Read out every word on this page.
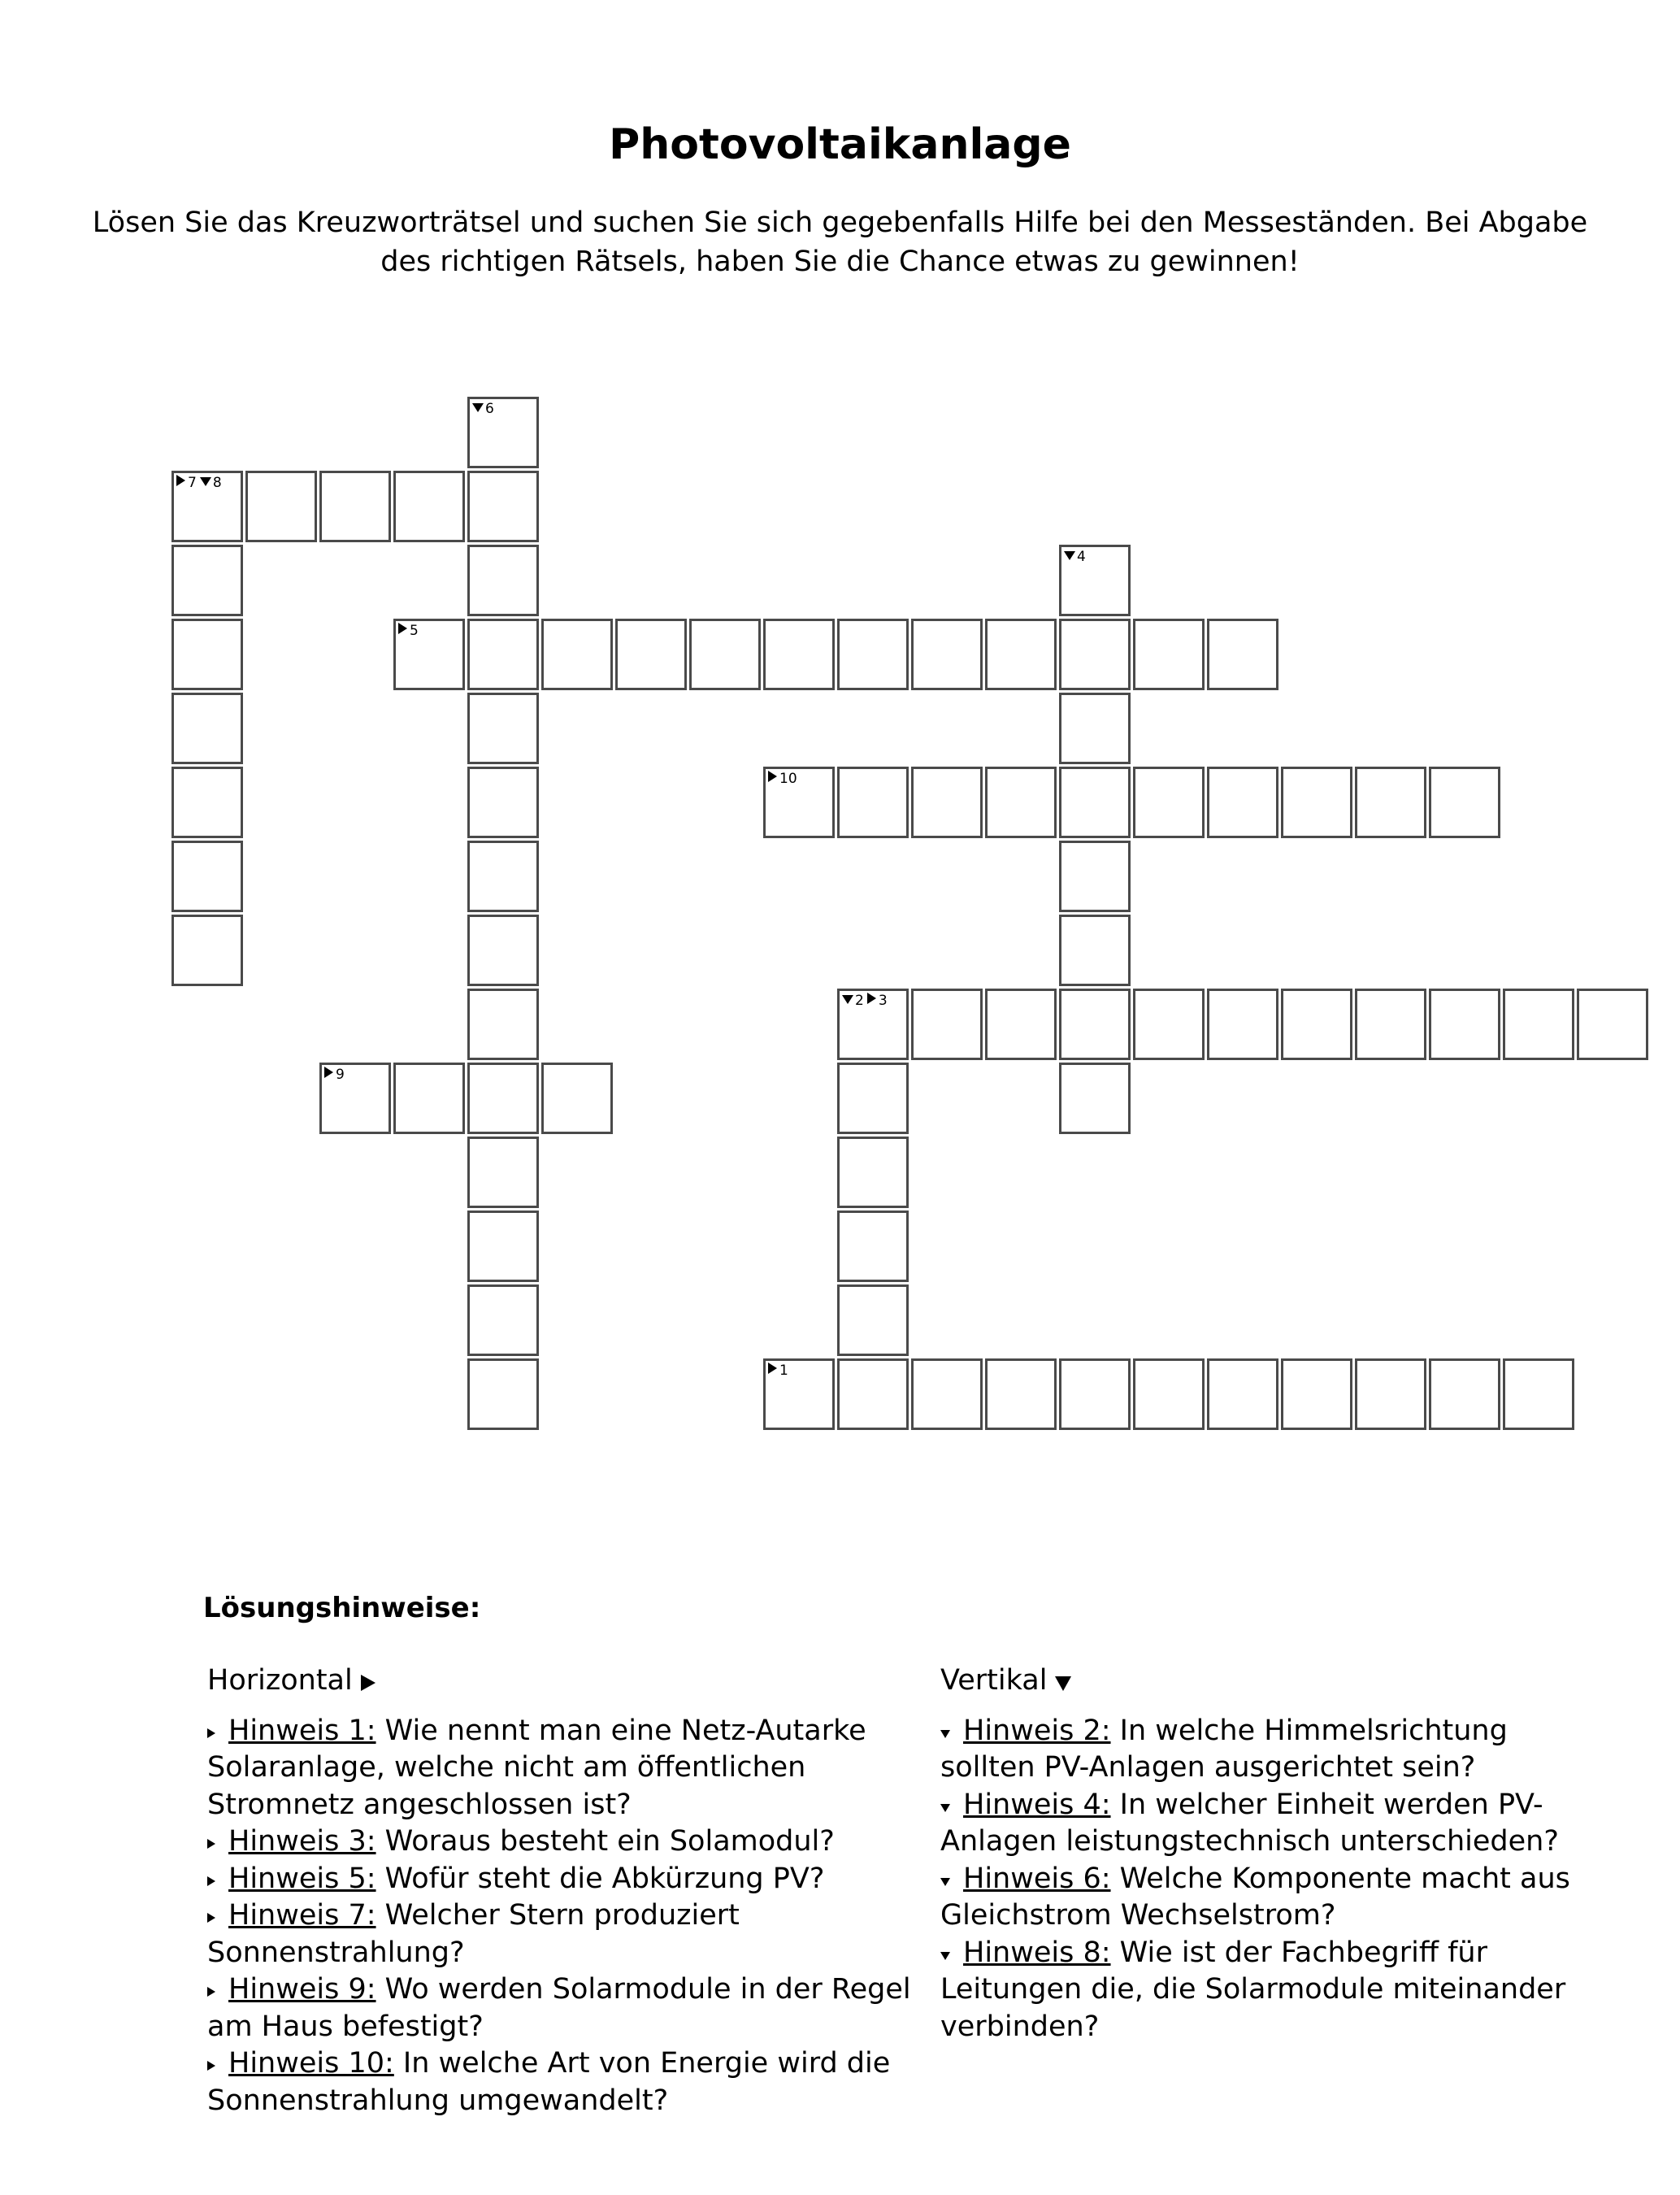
Photovoltaikanlage
Lösen Sie das Kreuzworträtsel und suchen Sie sich gegebenfalls Hilfe bei den Messeständen. Bei Abgabe des richtigen Rätsels, haben Sie die Chance etwas zu gewinnen!
1
2 3
4
5
6
7 8
9
10
Lösungshinweise:
Horizontal
Hinweis 1: Wie nennt man eine Netz-Autarke Solaranlage, welche nicht am öffentlichen Stromnetz angeschlossen ist?
Hinweis 3: Woraus besteht ein Solamodul?
Hinweis 5: Wofür steht die Abkürzung PV?
Hinweis 7: Welcher Stern produziert Sonnenstrahlung?
Hinweis 9: Wo werden Solarmodule in der Regel am Haus befestigt?
Hinweis 10: In welche Art von Energie wird die Sonnenstrahlung umgewandelt?
Vertikal
Hinweis 2: In welche Himmelsrichtung sollten PV-Anlagen ausgerichtet sein?
Hinweis 4: In welcher Einheit werden PV-Anlagen leistungstechnisch unterschieden?
Hinweis 6: Welche Komponente macht aus Gleichstrom Wechselstrom?
Hinweis 8: Wie ist der Fachbegriff für Leitungen die, die Solarmodule miteinander verbinden?
